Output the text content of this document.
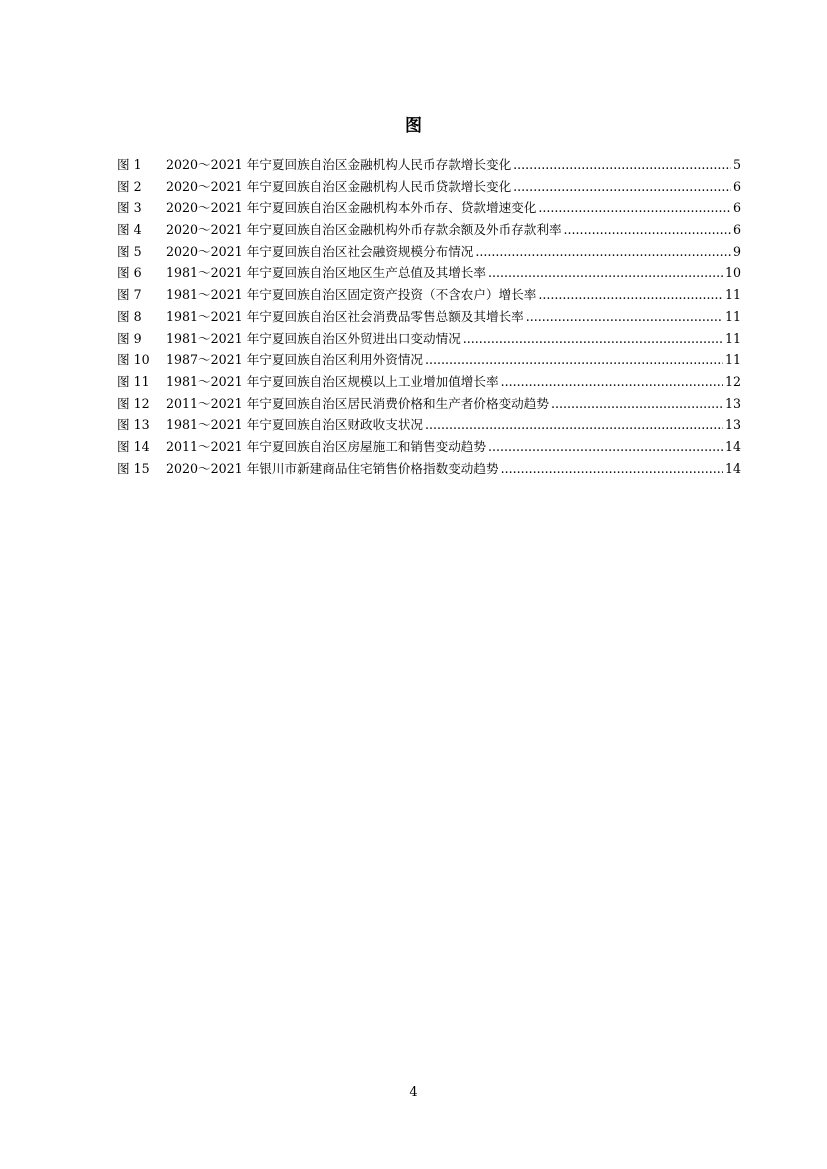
图
图 1	2020～2021 年宁夏回族自治区金融机构人民币存款增长变化 .....	5
图 2	2020～2021 年宁夏回族自治区金融机构人民币贷款增长变化 .....	6
图 3	2020～2021 年宁夏回族自治区金融机构本外币存、贷款增速变化 .....	6
图 4	2020～2021 年宁夏回族自治区金融机构外币存款余额及外币存款利率 .....	6
图 5	2020～2021 年宁夏回族自治区社会融资规模分布情况 .....	9
图 6	1981～2021 年宁夏回族自治区地区生产总值及其增长率 .....	10
图 7	1981～2021 年宁夏回族自治区固定资产投资（不含农户）增长率 .....	11
图 8	1981～2021 年宁夏回族自治区社会消费品零售总额及其增长率 .....	11
图 9	1981～2021 年宁夏回族自治区外贸进出口变动情况 .....	11
图 10	1987～2021 年宁夏回族自治区利用外资情况 .....	11
图 11	1981～2021 年宁夏回族自治区规模以上工业增加值增长率 .....	12
图 12	2011～2021 年宁夏回族自治区居民消费价格和生产者价格变动趋势 .....	13
图 13	1981～2021 年宁夏回族自治区财政收支状况 .....	13
图 14	2011～2021 年宁夏回族自治区房屋施工和销售变动趋势 .....	14
图 15	2020～2021 年银川市新建商品住宅销售价格指数变动趋势 .....	14
4
